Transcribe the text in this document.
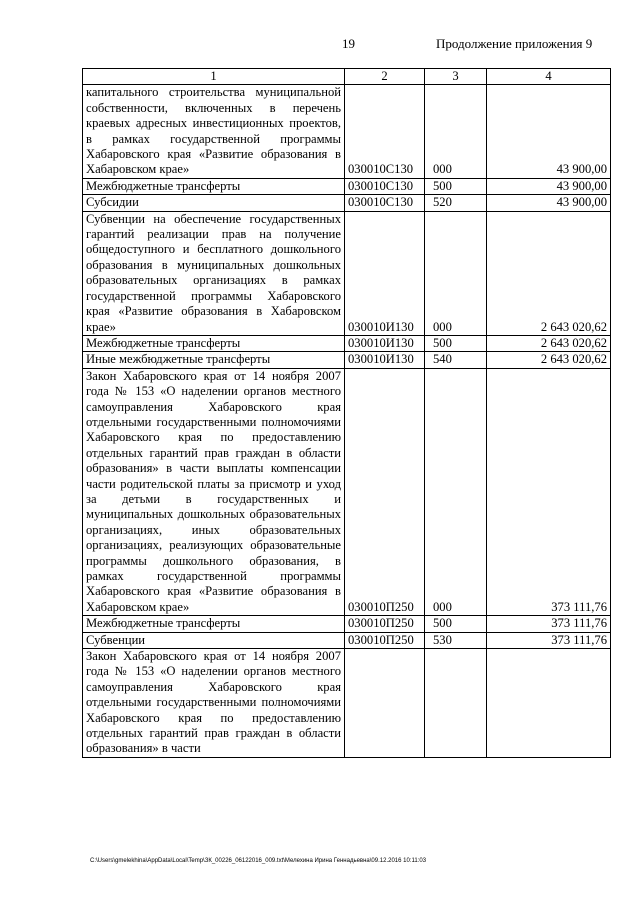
19	Продолжение приложения 9
1	2	3	4
капитального строительства муниципальной собственности, включенных в перечень краевых адресных инвестиционных проектов, в рамках государственной программы Хабаровского края «Развитие образования в Хабаровском крае»	030010С130	000	43 900,00
Межбюджетные трансферты	030010С130	500	43 900,00
Субсидии	030010С130	520	43 900,00
Субвенции на обеспечение государственных гарантий реализации прав на получение общедоступного и бесплатного дошкольного образования в муниципальных дошкольных образовательных организациях в рамках государственной программы Хабаровского края «Развитие образования в Хабаровском крае»	030010И130	000	2 643 020,62
Межбюджетные трансферты	030010И130	500	2 643 020,62
Иные межбюджетные трансферты	030010И130	540	2 643 020,62
Закон Хабаровского края от 14 ноября 2007 года № 153 «О наделении органов местного самоуправления Хабаровского края отдельными государственными полномочиями Хабаровского края по предоставлению отдельных гарантий прав граждан в области образования» в части выплаты компенсации части родительской платы за присмотр и уход за детьми в государственных и муниципальных дошкольных образовательных организациях, иных образовательных организациях, реализующих образовательные программы дошкольного образования, в рамках государственной программы Хабаровского края «Развитие образования в Хабаровском крае»	030010П250	000	373 111,76
Межбюджетные трансферты	030010П250	500	373 111,76
Субвенции	030010П250	530	373 111,76
Закон Хабаровского края от 14 ноября 2007 года № 153 «О наделении органов местного самоуправления Хабаровского края отдельными государственными полномочиями Хабаровского края по предоставлению отдельных гарантий прав граждан в области образования» в части			
C:\Users\gmelekhina\AppData\Local\Temp\ЗК_00226_06122016_009.txt\Мелехина Ирина Геннадьевна\09.12.2016 10:11:03
